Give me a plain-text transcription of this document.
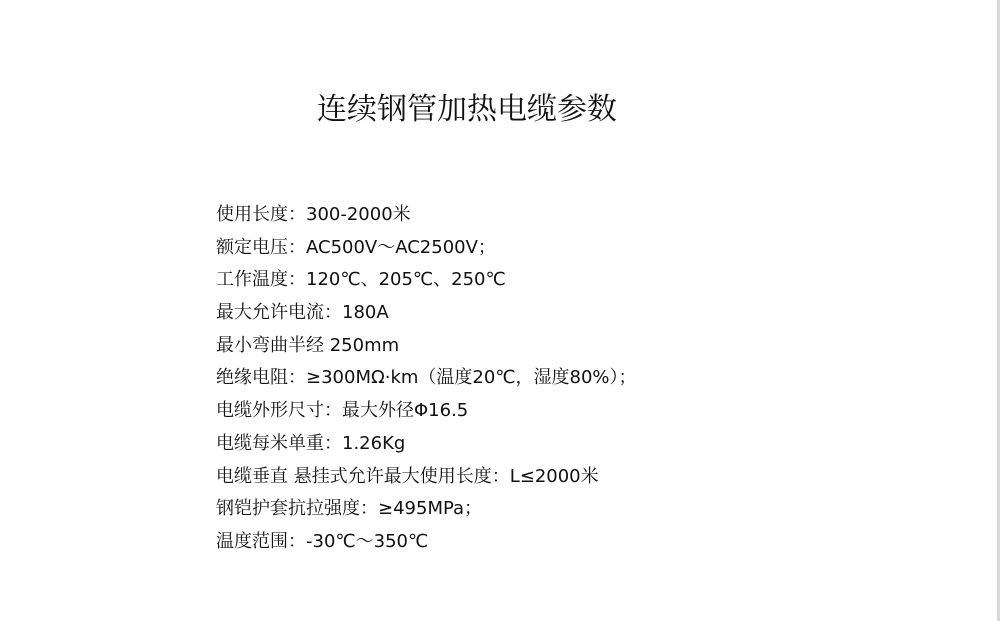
连续钢管加热电缆参数
使用长度：300-2000米
额定电压：AC500V～AC2500V；
工作温度：120℃、205℃、250℃
最大允许电流：180A
最小弯曲半经 250mm
绝缘电阻：≥300MΩ·km（温度20℃，湿度80%）；
电缆外形尺寸：最大外径Φ16.5
电缆每米单重：1.26Kg
电缆垂直 悬挂式允许最大使用长度：L≤2000米
钢铠护套抗拉强度：≥495MPa；
温度范围：-30℃～350℃
